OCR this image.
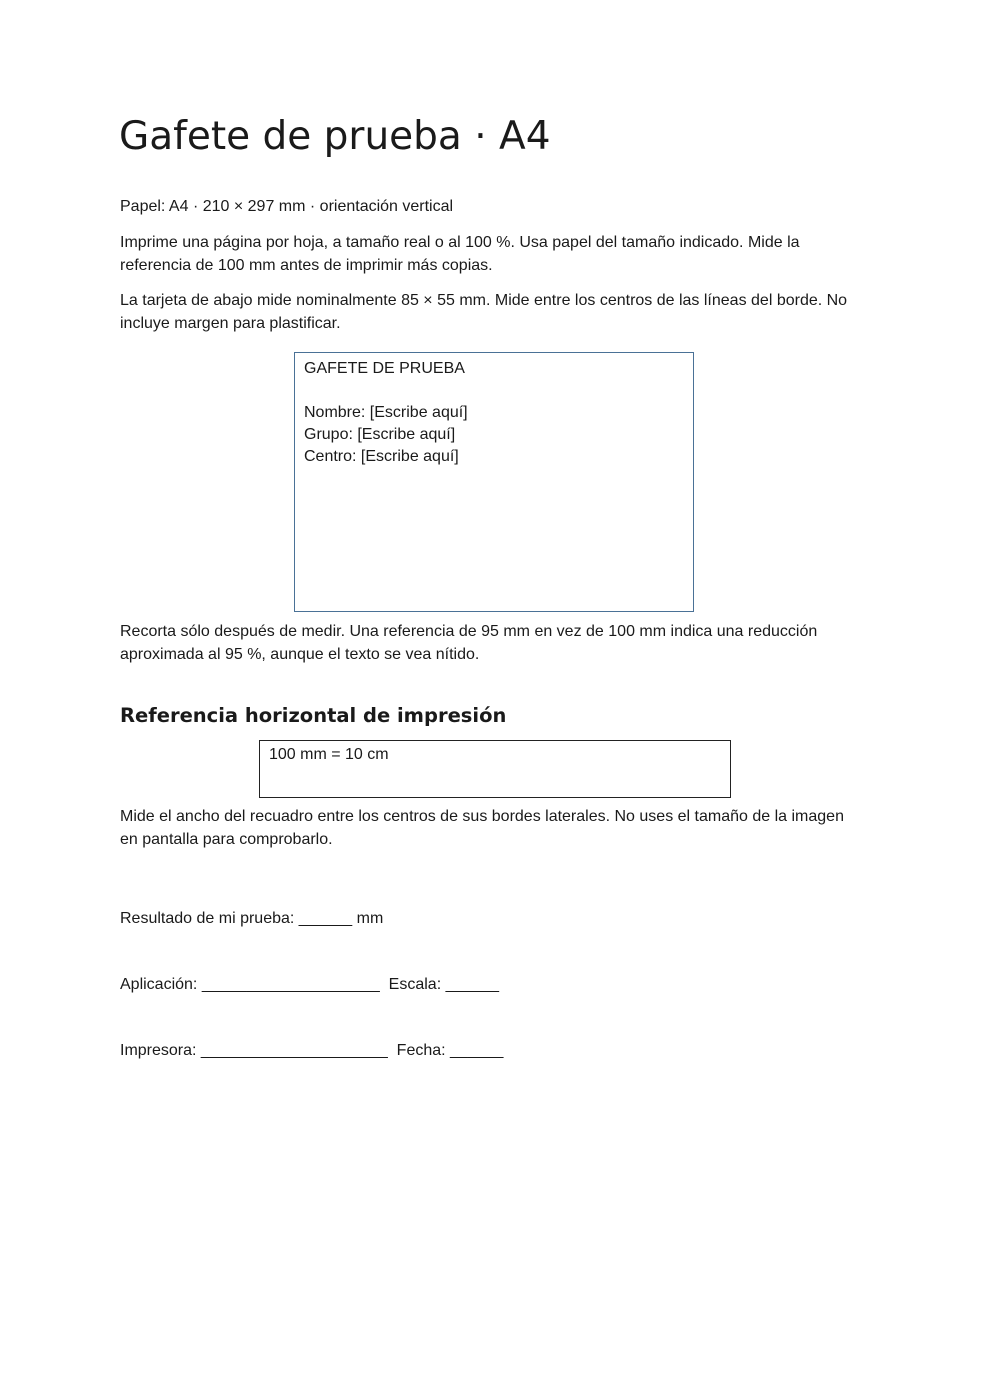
Gafete de prueba · A4

Papel: A4 · 210 × 297 mm · orientación vertical

Imprime una página por hoja, a tamaño real o al 100 %. Usa papel del tamaño indicado. Mide la referencia de 100 mm antes de imprimir más copias.

La tarjeta de abajo mide nominalmente 85 × 55 mm. Mide entre los centros de las líneas del borde. No incluye margen para plastificar.

GAFETE DE PRUEBA
Nombre: [Escribe aquí]
Grupo: [Escribe aquí]
Centro: [Escribe aquí]

Recorta sólo después de medir. Una referencia de 95 mm en vez de 100 mm indica una reducción aproximada al 95 %, aunque el texto se vea nítido.

Referencia horizontal de impresión
100 mm = 10 cm

Mide el ancho del recuadro entre los centros de sus bordes laterales. No uses el tamaño de la imagen en pantalla para comprobarlo.

Resultado de mi prueba: ______ mm

Aplicación: ____________________  Escala: ______

Impresora: _____________________  Fecha: ______
